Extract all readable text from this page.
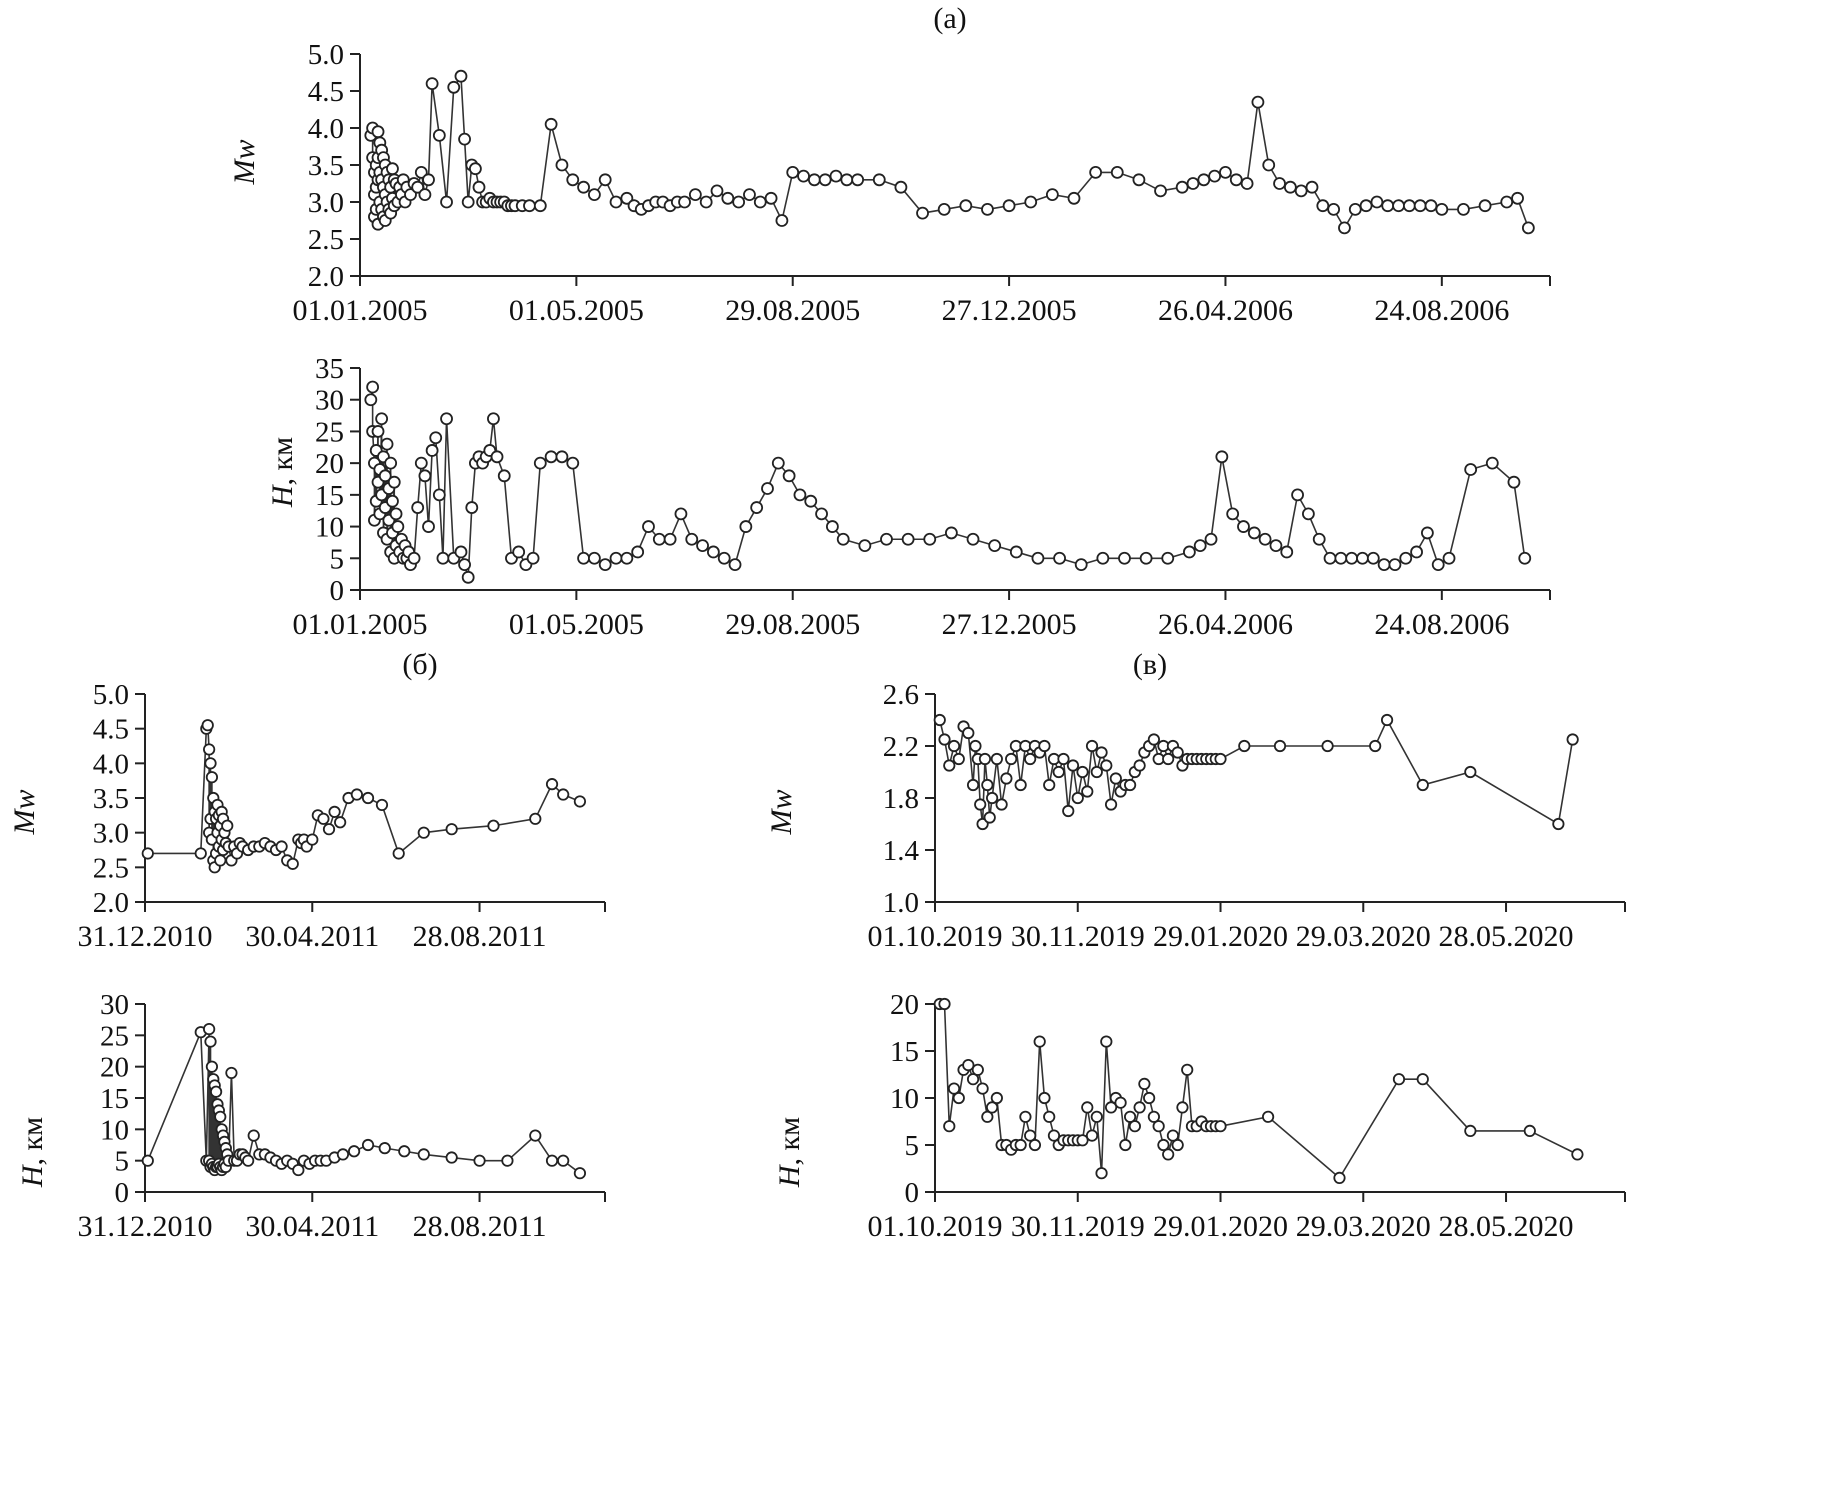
(а)
Mw
2.0
2.5
3.0
3.5
4.0
4.5
5.0
01.01.2005	01.05.2005	29.08.2005	27.12.2005	26.04.2006	24.08.2006
H, км
0
5
10
15
20
25
30
35
01.01.2005	01.05.2005	29.08.2005	27.12.2005	26.04.2006	24.08.2006
(б)
Mw
2.0
2.5
3.0
3.5
4.0
4.5
5.0
31.12.2010 30.04.2011 28.08.2011
H, км
0
5
10
15
20
25
30
31.12.2010 30.04.2011 28.08.2011
(в)
Mw
1.0
1.4
1.8
2.2
2.6
01.10.2019 30.11.2019 29.01.2020 29.03.2020 28.05.2020
H, км
0
5
10
15
20
01.10.2019 30.11.2019 29.01.2020 29.03.2020 28.05.2020
